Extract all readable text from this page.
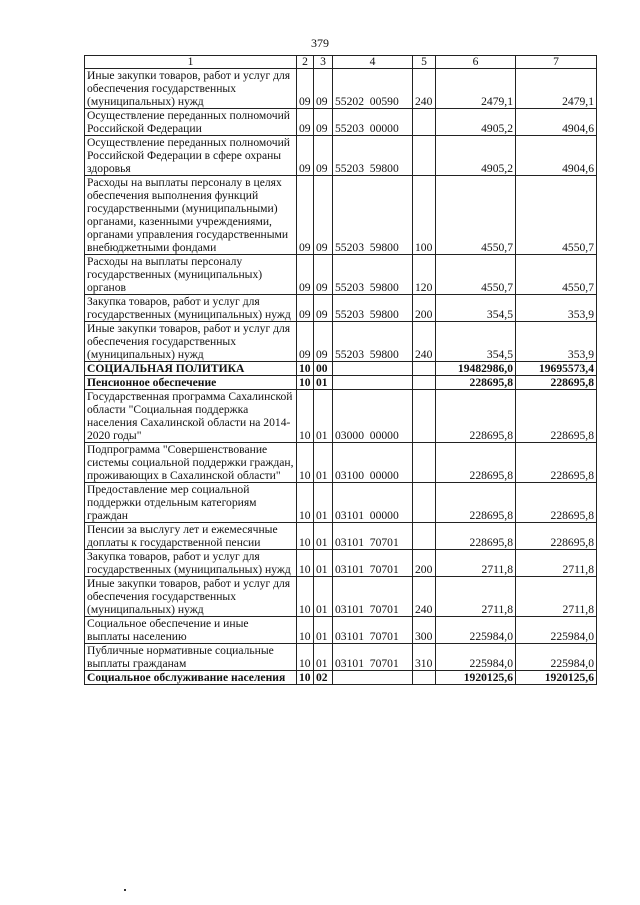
379
1	2	3	4	5	6	7
Иные закупки товаров, работ и услуг для обеспечения государственных (муниципальных) нужд	09	09	55202  00590	240	2479,1	2479,1
Осуществление переданных полномочий Российской Федерации	09	09	55203  00000		4905,2	4904,6
Осуществление переданных полномочий Российской Федерации в сфере охраны здоровья	09	09	55203  59800		4905,2	4904,6
Расходы на выплаты персоналу в целях обеспечения выполнения функций государственными (муниципальными) органами, казенными учреждениями, органами управления государственными внебюджетными фондами	09	09	55203  59800	100	4550,7	4550,7
Расходы на выплаты персоналу государственных (муниципальных) органов	09	09	55203  59800	120	4550,7	4550,7
Закупка товаров, работ и услуг для государственных (муниципальных) нужд	09	09	55203  59800	200	354,5	353,9
Иные закупки товаров, работ и услуг для обеспечения государственных (муниципальных) нужд	09	09	55203  59800	240	354,5	353,9
СОЦИАЛЬНАЯ ПОЛИТИКА	10	00			19482986,0	19695573,4
Пенсионное обеспечение	10	01			228695,8	228695,8
Государственная программа Сахалинской области "Социальная поддержка населения Сахалинской области на 2014-2020 годы"	10	01	03000  00000		228695,8	228695,8
Подпрограмма "Совершенствование системы социальной поддержки граждан, проживающих в Сахалинской области"	10	01	03100  00000		228695,8	228695,8
Предоставление мер социальной поддержки отдельным категориям граждан	10	01	03101  00000		228695,8	228695,8
Пенсии за выслугу лет и ежемесячные доплаты к государственной пенсии	10	01	03101  70701		228695,8	228695,8
Закупка товаров, работ и услуг для государственных (муниципальных) нужд	10	01	03101  70701	200	2711,8	2711,8
Иные закупки товаров, работ и услуг для обеспечения государственных (муниципальных) нужд	10	01	03101  70701	240	2711,8	2711,8
Социальное обеспечение и иные выплаты населению	10	01	03101  70701	300	225984,0	225984,0
Публичные нормативные социальные выплаты гражданам	10	01	03101  70701	310	225984,0	225984,0
Социальное обслуживание населения	10	02			1920125,6	1920125,6
